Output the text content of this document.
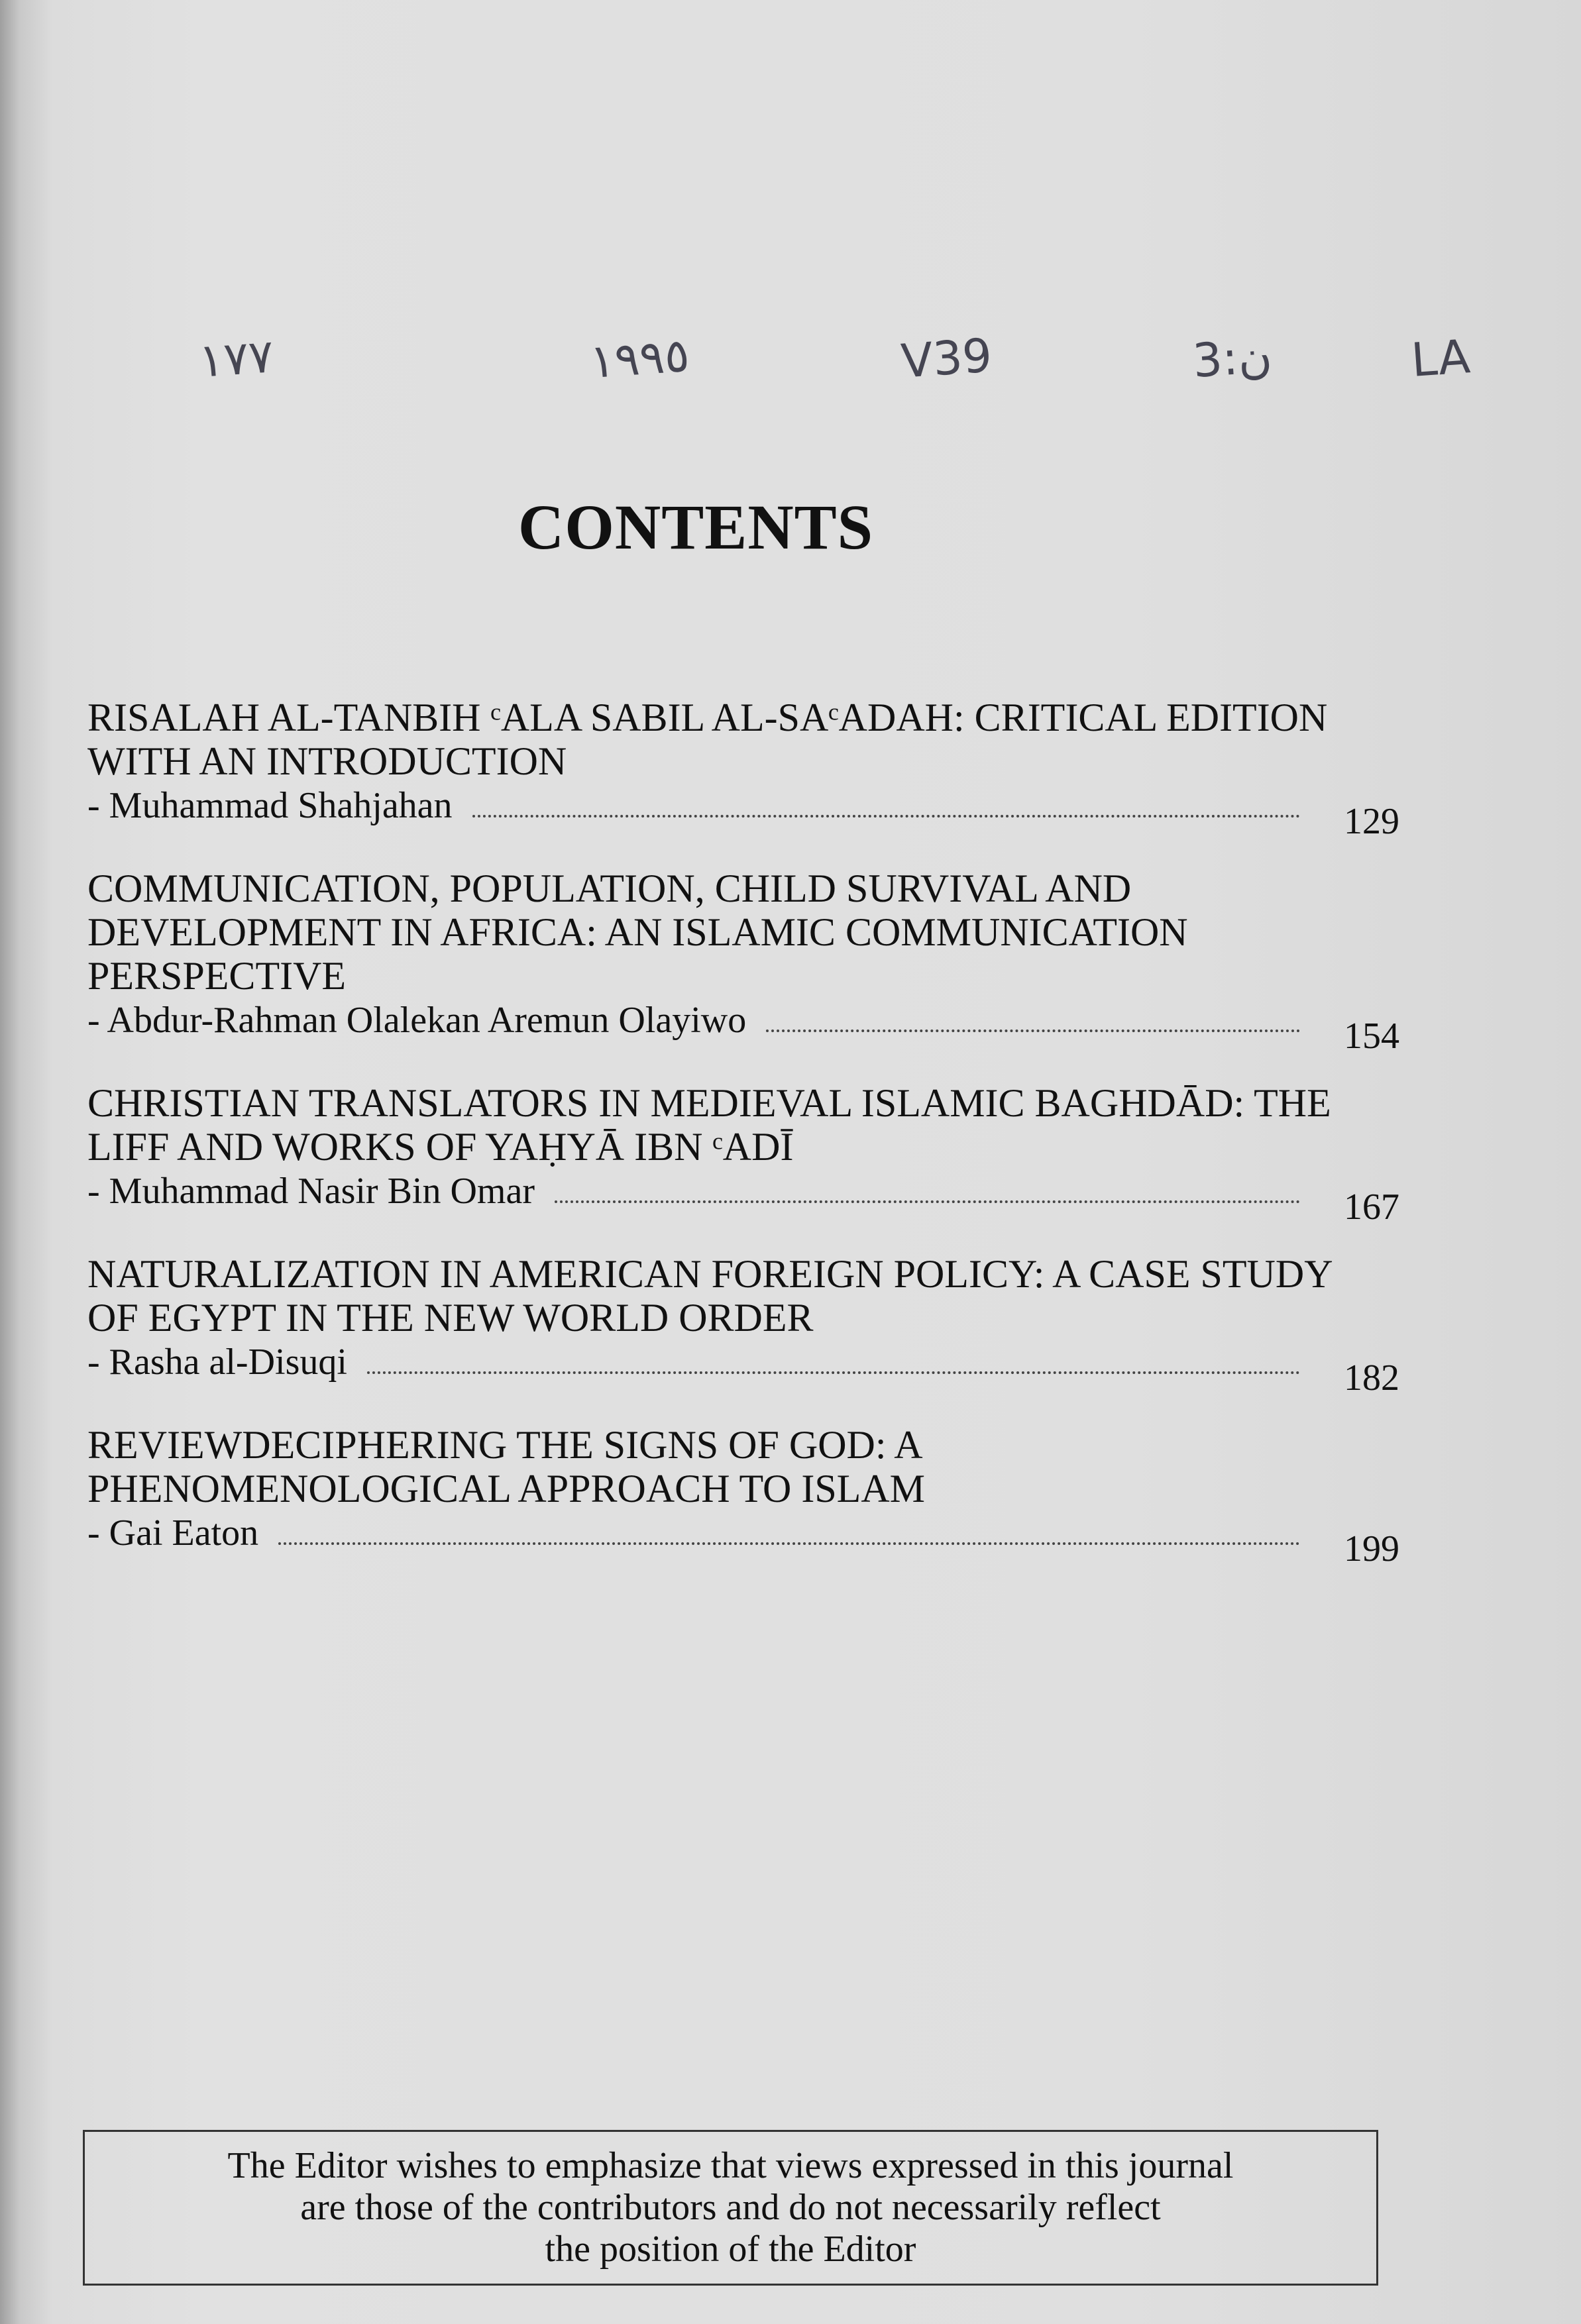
١٧٧	١٩٩٥	V39	ن:3	LA
CONTENTS
RISALAH AL-TANBIH ᶜALA SABIL AL-SAᶜADAH: CRITICAL EDITION WITH AN INTRODUCTION
- Muhammad Shahjahan	129
COMMUNICATION, POPULATION, CHILD SURVIVAL AND DEVELOPMENT IN AFRICA: AN ISLAMIC COMMUNICATION PERSPECTIVE
- Abdur-Rahman Olalekan Aremun Olayiwo	154
CHRISTIAN TRANSLATORS IN MEDIEVAL ISLAMIC BAGHDĀD: THE LIFF AND WORKS OF YAḤYĀ IBN ᶜADĪ
- Muhammad Nasir Bin Omar	167
NATURALIZATION IN AMERICAN FOREIGN POLICY: A CASE STUDY OF EGYPT IN THE NEW WORLD ORDER
- Rasha al-Disuqi	182
REVIEWDECIPHERING THE SIGNS OF GOD: A PHENOMENOLOGICAL APPROACH TO ISLAM
- Gai Eaton	199
The Editor wishes to emphasize that views expressed in this journal
are those of the contributors and do not necessarily reflect
the position of the Editor
